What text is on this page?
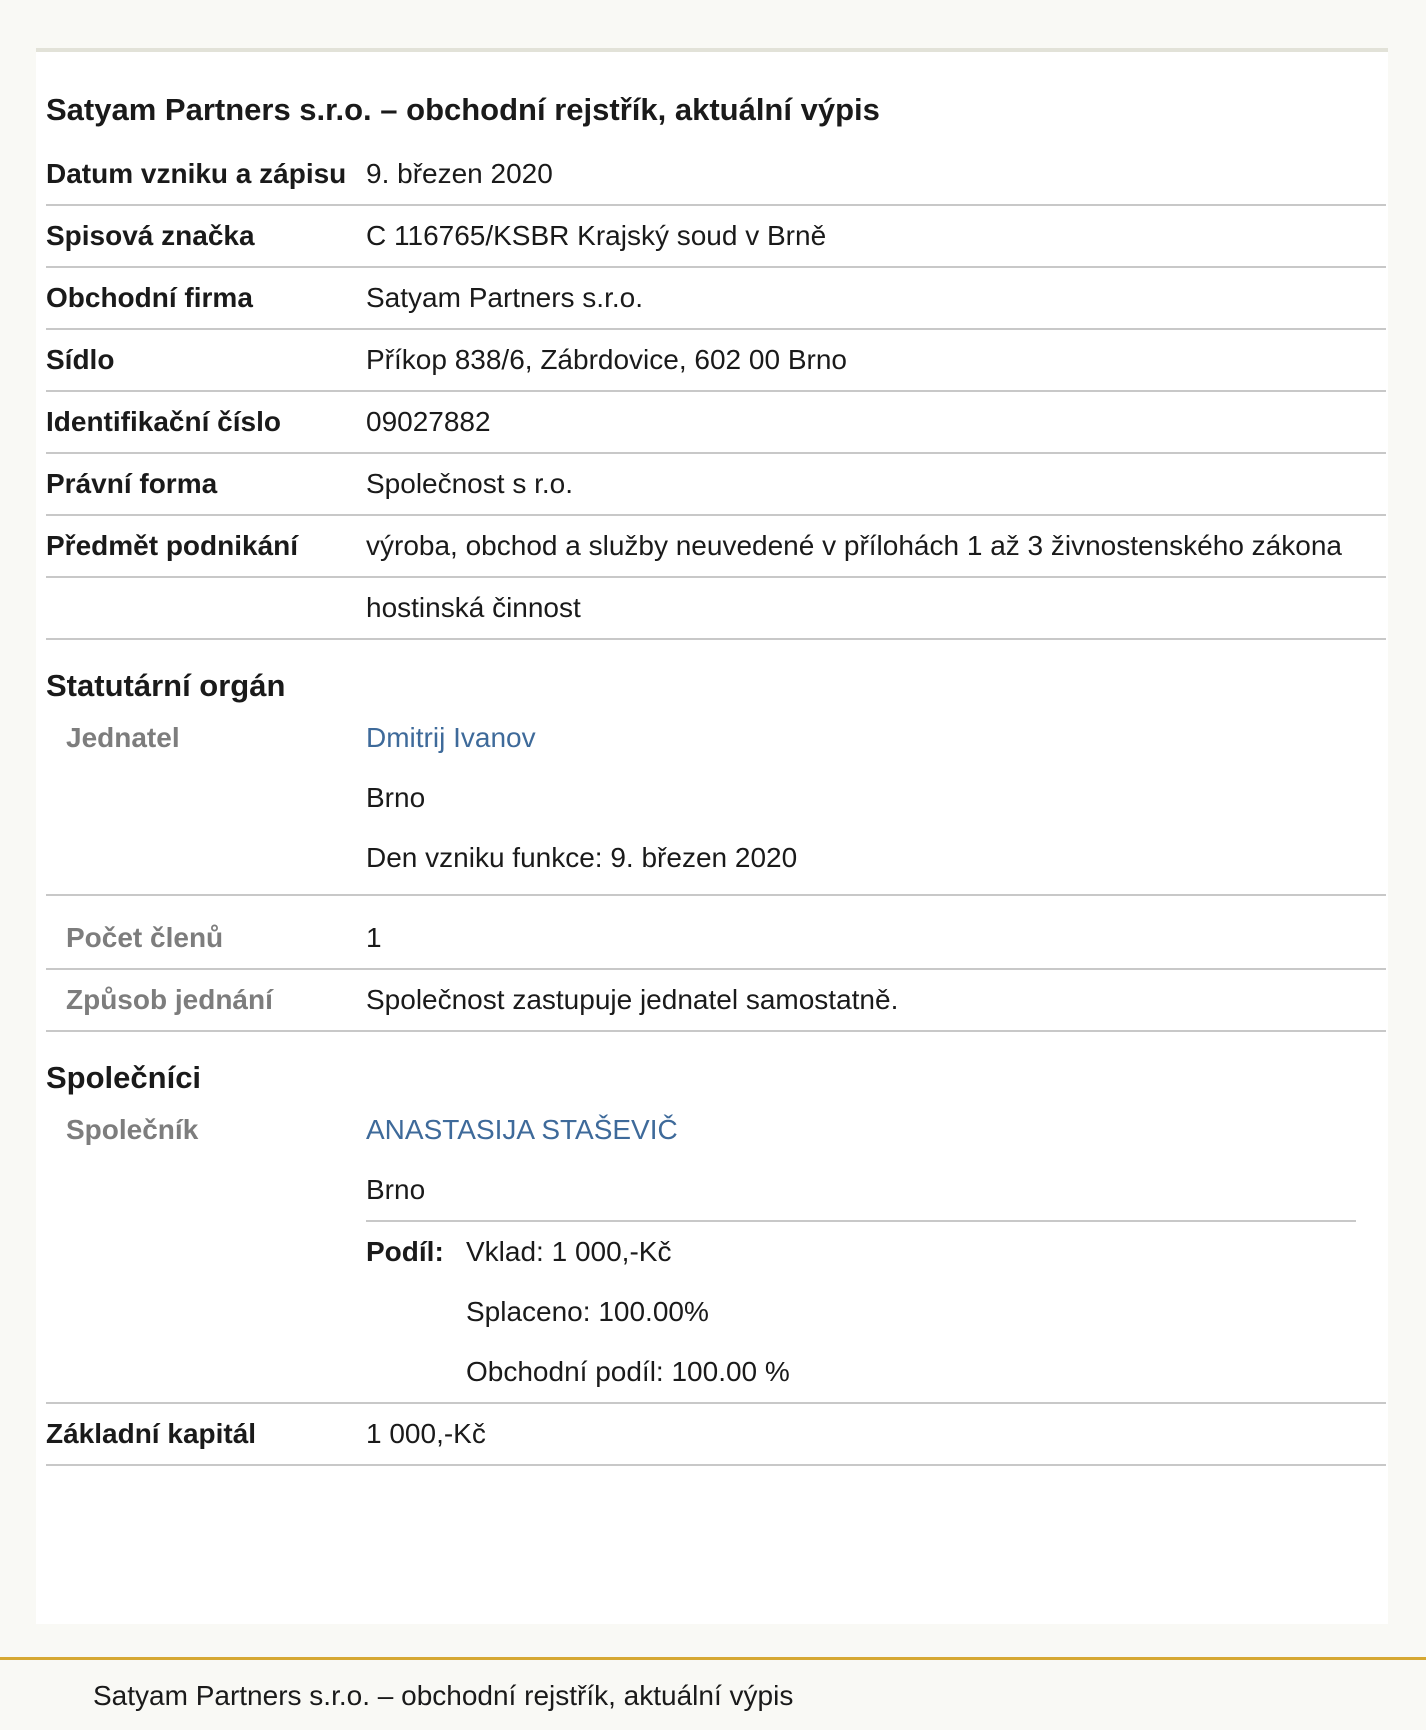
Satyam Partners s.r.o. – obchodní rejstřík, aktuální výpis
Datum vzniku a zápisu 9. březen 2020
Spisová značka	C 116765/KSBR Krajský soud v Brně
Obchodní firma	Satyam Partners s.r.o.
Sídlo	Příkop 838/6, Zábrdovice, 602 00 Brno
Identifikační číslo	09027882
Právní forma	Společnost s r.o.
Předmět podnikání	výroba, obchod a služby neuvedené v přílohách 1 až 3 živnostenského zákona
hostinská činnost
Statutární orgán
Jednatel	Dmitrij Ivanov
Brno
Den vzniku funkce: 9. březen 2020
Počet členů	1
Způsob jednání	Společnost zastupuje jednatel samostatně.
Společníci
Společník	ANASTASIJA STAŠEVIČ
Brno
Podíl: Vklad: 1 000,-Kč
Splaceno: 100.00%
Obchodní podíl: 100.00 %
Základní kapitál	1 000,-Kč
Satyam Partners s.r.o. – obchodní rejstřík, aktuální výpis
